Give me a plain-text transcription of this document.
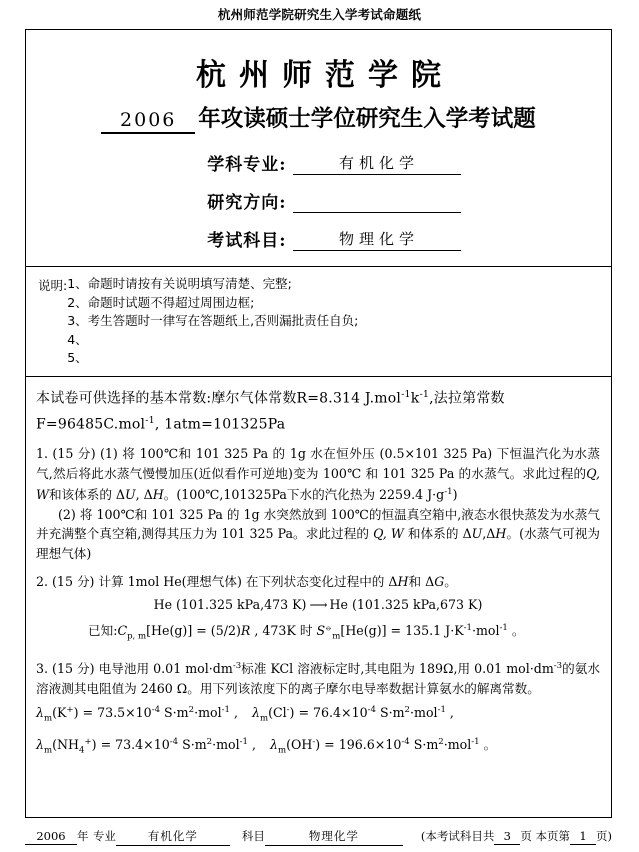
杭州师范学院研究生入学考试命题纸
杭州师范学院
2006 年攻读硕士学位研究生入学考试题
学科专业:	有机化学
研究方向:
考试科目:	物理化学
说明: 1、命题时请按有关说明填写清楚、完整;
2、命题时试题不得超过周围边框;
3、考生答题时一律写在答题纸上,否则漏批责任自负;
4、
5、
本试卷可供选择的基本常数:摩尔气体常数R=8.314 $J.mol^{-1}k^{-1}$,法拉第常数
F=96485C.mol$^{-1}$, 1atm=101325Pa

1. (15 分) (1) 将 100℃和 101 325 Pa 的 1g 水在恒外压 (0.5×101 325 Pa) 下恒温汽化为水蒸气,然后将此水蒸气慢慢加压(近似看作可逆地)变为 100℃ 和 101 325 Pa 的水蒸气。求此过程的Q, W和该体系的 ΔU, ΔH。(100℃,101325Pa下水的汽化热为 2259.4 $J\cdot g^{-1}$)

(2) 将 100℃和 101 325 Pa 的 1g 水突然放到 100℃的恒温真空箱中,液态水很快蒸发为水蒸气并充满整个真空箱,测得其压力为 101 325 Pa。求此过程的 Q, W 和体系的 ΔU,ΔH。(水蒸气可视为理想气体)

2. (15 分) 计算 1mol He(理想气体) 在下列状态变化过程中的 ΔH和 ΔG。

He (101.325 kPa,473 K) ⟶ He (101.325 kPa,673 K)

已知$:C_{p, m}[He(g)] = (5/2)R$ , 473K 时 $S^⦵_m[He(g)] = 135.1$ $J\cdot K^{-1}\cdot mol^{-1}$ 。

3. (15 分) 电导池用 0.01 $mol\cdot dm^{-3}$标准 KCl 溶液标定时,其电阻为 189Ω,用 0.01 $mol\cdot dm^{-3}$的氨水溶液测其电阻值为 2460 Ω。用下列该浓度下的离子摩尔电导率数据计算氨水的解离常数。

$\lambda_m(K^+) = 73.5\times 10^{-4}$ $S\cdot m^2\cdot mol^{-1}$ , $\lambda_m(Cl^-) = 76.4\times 10^{-4}$ $S\cdot m^2\cdot mol^{-1}$ ,

$\lambda_m(NH_4^+) = 73.4\times 10^{-4}$ $S\cdot m^2\cdot mol^{-1}$ , $\lambda_m(OH^-) = 196.6\times 10^{-4}$ $S\cdot m^2\cdot mol^{-1}$ 。

2006 年 专业	有机化学	科目	物理化学	(本考试科目共 3 页 本页第 1 页)
